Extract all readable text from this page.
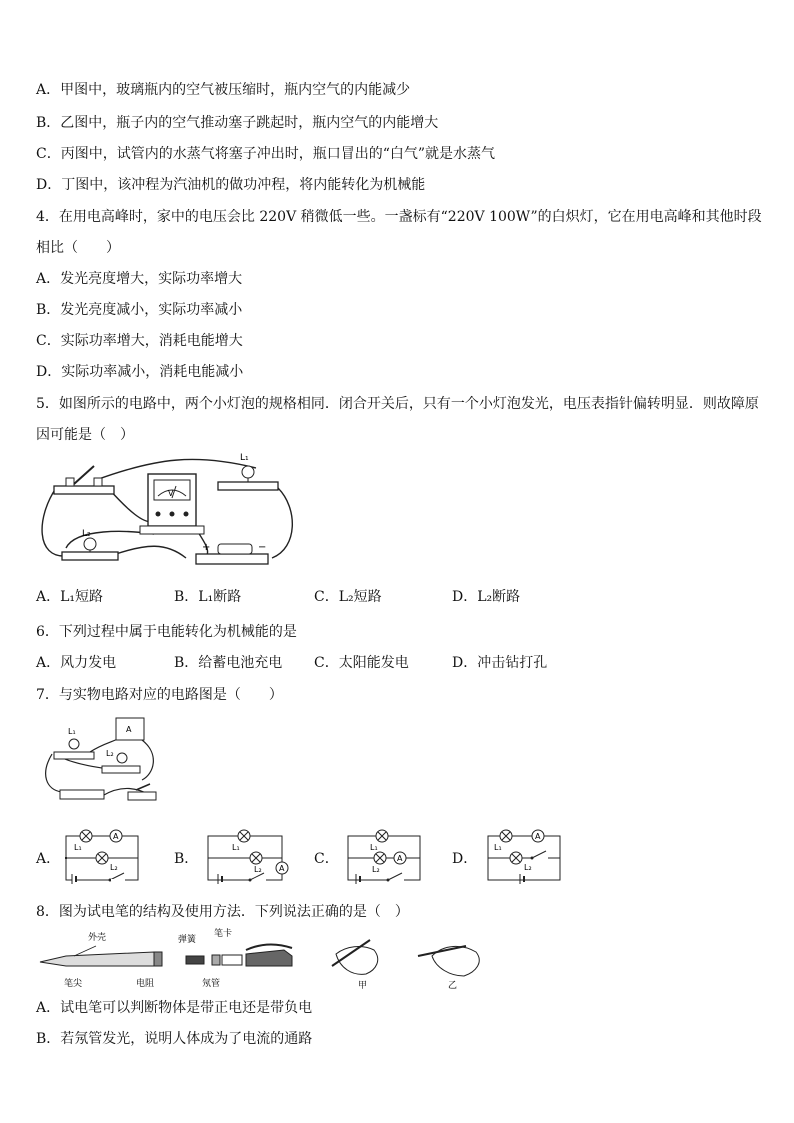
A．甲图中，玻璃瓶内的空气被压缩时，瓶内空气的内能减少
B．乙图中，瓶子内的空气推动塞子跳起时，瓶内空气的内能增大
C．丙图中，试管内的水蒸气将塞子冲出时，瓶口冒出的“白气”就是水蒸气
D．丁图中，该冲程为汽油机的做功冲程，将内能转化为机械能
4．在用电高峰时，家中的电压会比 220V 稍微低一些。一盏标有“220V 100W”的白炽灯，它在用电高峰和其他时段
相比（　　）
A．发光亮度增大，实际功率增大
B．发光亮度减小，实际功率减小
C．实际功率增大，消耗电能增大
D．实际功率减小，消耗电能减小
5．如图所示的电路中，两个小灯泡的规格相同．闭合开关后，只有一个小灯泡发光，电压表指针偏转明显．则故障原
因可能是（　）
V
L₁
L₂
+	−
A．L₁短路	B．L₁断路	C．L₂短路	D．L₂断路
6．下列过程中属于电能转化为机械能的是
A．风力发电	B．给蓄电池充电 C．太阳能发电	D．冲击钻打孔
7．与实物电路对应的电路图是（　　）
L₁	A
L₂
A．
A
L₁
L₂
B．
L₁
L₂ A
C．
L₁
L₂
A	D．
A
L₁
L₂
8．图为试电笔的结构及使用方法．下列说法正确的是（　）
外壳	弹簧
笔卡
笔尖	电阻	氖管	甲	乙
A．试电笔可以判断物体是带正电还是带负电
B．若氖管发光，说明人体成为了电流的通路
